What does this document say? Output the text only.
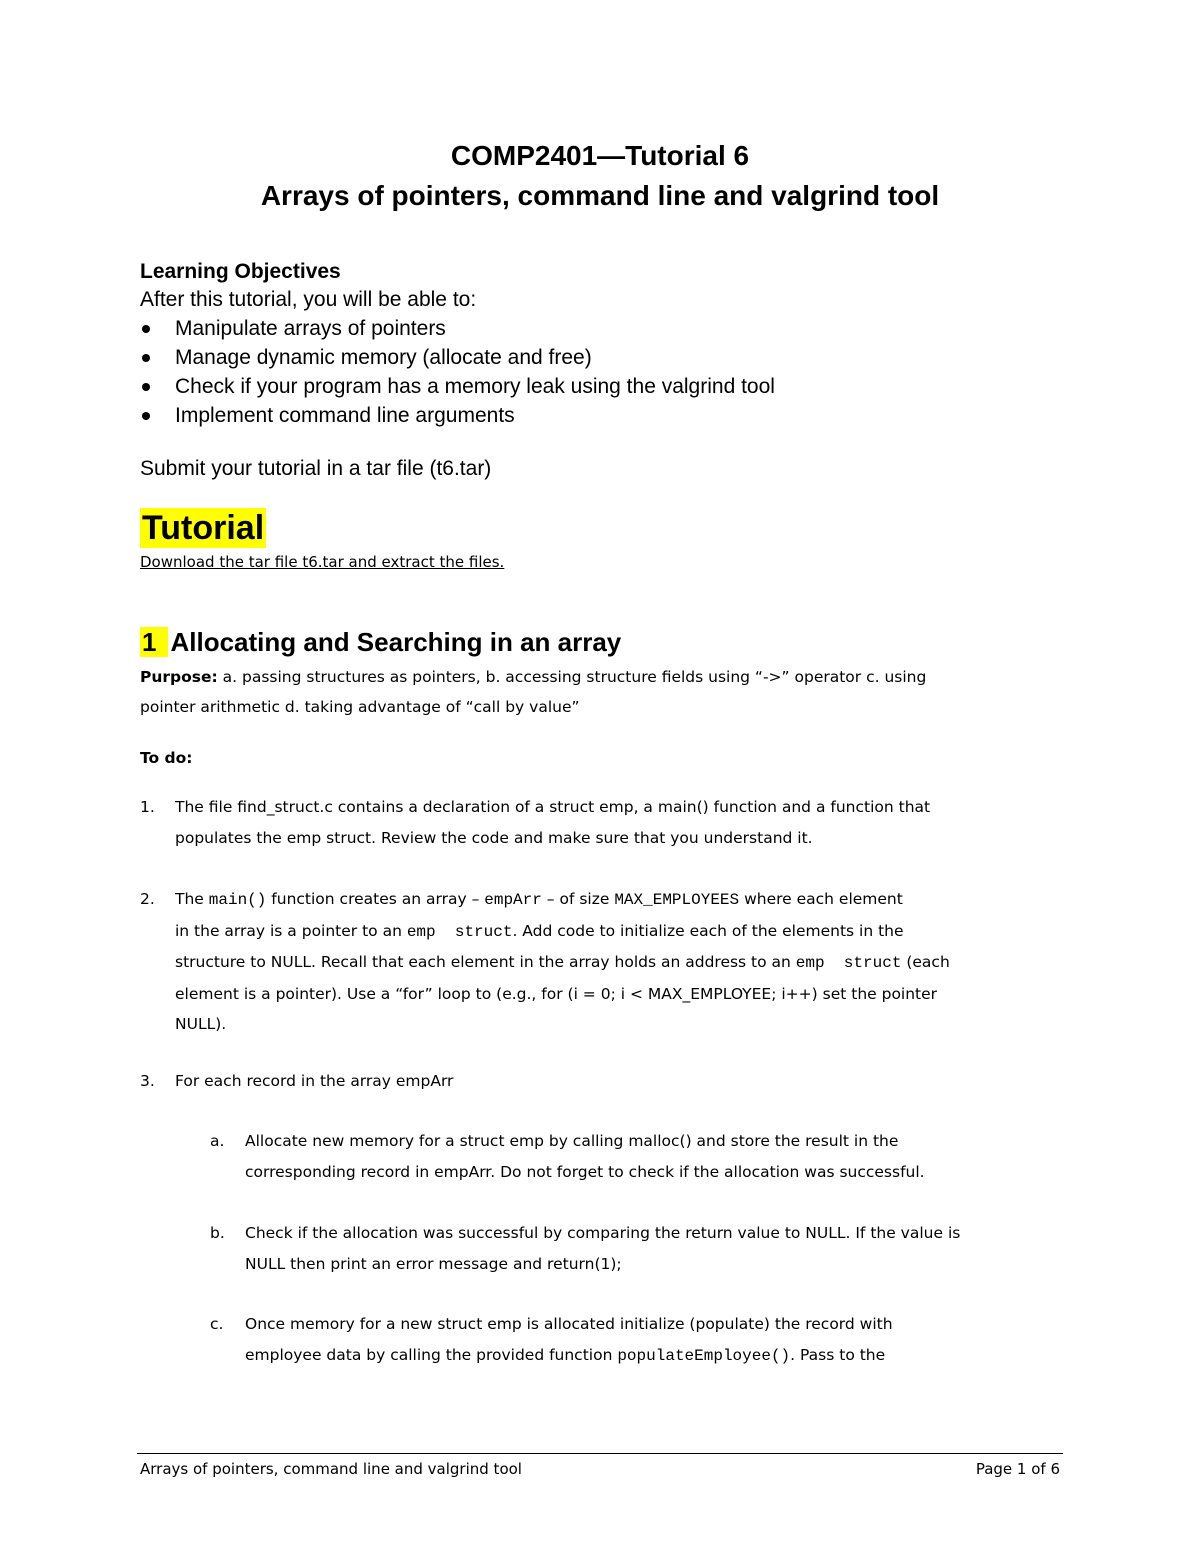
COMP2401—Tutorial 6
Arrays of pointers, command line and valgrind tool
Learning Objectives
After this tutorial, you will be able to:
Manipulate arrays of pointers
Manage dynamic memory (allocate and free)
Check if your program has a memory leak using the valgrind tool
Implement command line arguments
Submit your tutorial in a tar file (t6.tar)
Tutorial
Download the tar file t6.tar and extract the files.
1 Allocating and Searching in an array
Purpose: a. passing structures as pointers, b. accessing structure fields using “->” operator c. using
pointer arithmetic d. taking advantage of “call by value”
To do:
1. The file find_struct.c contains a declaration of a struct emp, a main() function and a function that
populates the emp struct. Review the code and make sure that you understand it.
2. The main() function creates an array – empArr – of size MAX_EMPLOYEES where each element
in the array is a pointer to an emp  struct. Add code to initialize each of the elements in the
structure to NULL. Recall that each element in the array holds an address to an emp  struct (each
element is a pointer). Use a “for” loop to (e.g., for (i = 0; i < MAX_EMPLOYEE; i++) set the pointer
NULL).
3. For each record in the array empArr
a. Allocate new memory for a struct emp by calling malloc() and store the result in the
corresponding record in empArr. Do not forget to check if the allocation was successful.
b. Check if the allocation was successful by comparing the return value to NULL. If the value is
NULL then print an error message and return(1);
c. Once memory for a new struct emp is allocated initialize (populate) the record with
employee data by calling the provided function populateEmployee(). Pass to the
Arrays of pointers, command line and valgrind tool	Page 1 of 6
